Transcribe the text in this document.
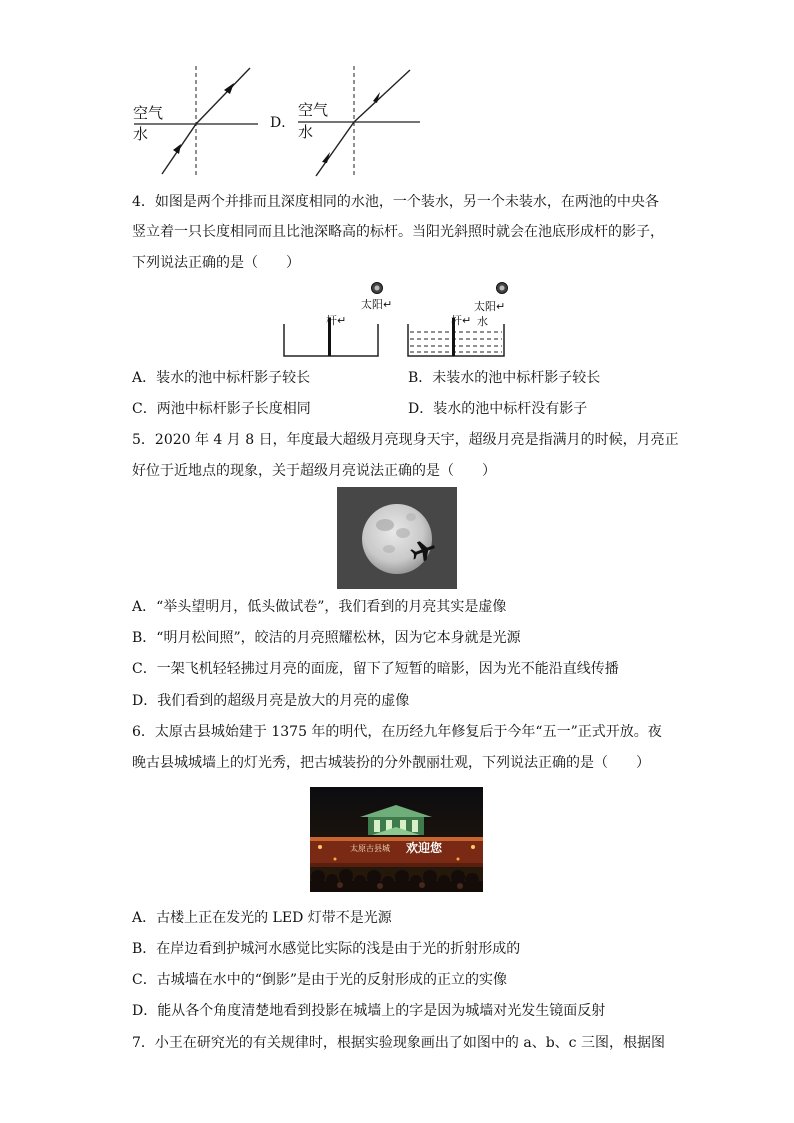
空气
水
D．
空气
水
4．如图是两个并排而且深度相同的水池，一个装水，另一个未装水，在两池的中央各
竖立着一只长度相同而且比池深略高的标杆。当阳光斜照时就会在池底形成杆的影子，
下列说法正确的是（　　）
太阳↵
杆↵
太阳↵
杆↵ 水
A．装水的池中标杆影子较长	B．未装水的池中标杆影子较长
C．两池中标杆影子长度相同	D．装水的池中标杆没有影子
5．2020 年 4 月 8 日，年度最大超级月亮现身天宇，超级月亮是指满月的时候，月亮正
好位于近地点的现象，关于超级月亮说法正确的是（　　）
A．“举头望明月，低头做试卷”，我们看到的月亮其实是虚像
B．“明月松间照”，皎洁的月亮照耀松林，因为它本身就是光源
C．一架飞机轻轻拂过月亮的面庞，留下了短暂的暗影，因为光不能沿直线传播
D．我们看到的超级月亮是放大的月亮的虚像
6．太原古县城始建于 1375 年的明代，在历经九年修复后于今年“五一”正式开放。夜
晚古县城城墙上的灯光秀，把古城装扮的分外靓丽壮观，下列说法正确的是（　　）
太原古县城 欢迎您
A．古楼上正在发光的 LED 灯带不是光源
B．在岸边看到护城河水感觉比实际的浅是由于光的折射形成的
C．古城墙在水中的“倒影”是由于光的反射形成的正立的实像
D．能从各个角度清楚地看到投影在城墙上的字是因为城墙对光发生镜面反射
7．小王在研究光的有关规律时，根据实验现象画出了如图中的 a、b、c 三图，根据图
